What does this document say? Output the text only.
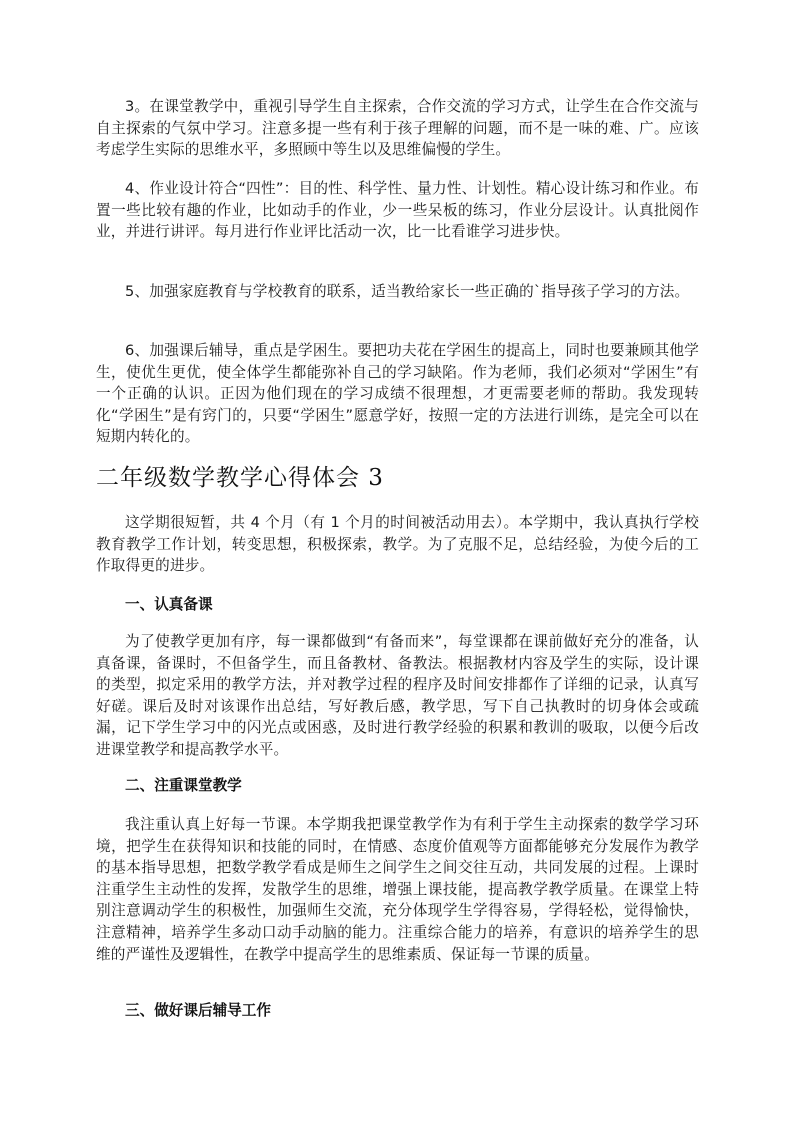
3。在课堂教学中，重视引导学生自主探索，合作交流的学习方式，让学生在合作交流与自主探索的气氛中学习。注意多提一些有利于孩子理解的问题，而不是一味的难、广。应该考虑学生实际的思维水平，多照顾中等生以及思维偏慢的学生。

4、作业设计符合“四性”：目的性、科学性、量力性、计划性。精心设计练习和作业。布置一些比较有趣的作业，比如动手的作业，少一些呆板的练习，作业分层设计。认真批阅作业，并进行讲评。每月进行作业评比活动一次，比一比看谁学习进步快。

5、加强家庭教育与学校教育的联系，适当教给家长一些正确的`指导孩子学习的方法。

6、加强课后辅导，重点是学困生。要把功夫花在学困生的提高上，同时也要兼顾其他学生，使优生更优，使全体学生都能弥补自己的学习缺陷。作为老师，我们必须对“学困生”有一个正确的认识。正因为他们现在的学习成绩不很理想，才更需要老师的帮助。我发现转化“学困生”是有窍门的，只要“学困生”愿意学好，按照一定的方法进行训练，是完全可以在短期内转化的。

二年级数学教学心得体会 3

这学期很短暂，共 4 个月（有 1 个月的时间被活动用去）。本学期中，我认真执行学校教育教学工作计划，转变思想，积极探索，教学。为了克服不足，总结经验，为使今后的工作取得更的进步。

一、认真备课

为了使教学更加有序，每一课都做到“有备而来”，每堂课都在课前做好充分的准备，认真备课，备课时，不但备学生，而且备教材、备教法。根据教材内容及学生的实际，设计课的类型，拟定采用的教学方法，并对教学过程的程序及时间安排都作了详细的记录，认真写好磋。课后及时对该课作出总结，写好教后感，教学思，写下自己执教时的切身体会或疏漏，记下学生学习中的闪光点或困惑，及时进行教学经验的积累和教训的吸取，以便今后改进课堂教学和提高教学水平。

二、注重课堂教学

我注重认真上好每一节课。本学期我把课堂教学作为有利于学生主动探索的数学学习环境，把学生在获得知识和技能的同时，在情感、态度价值观等方面都能够充分发展作为教学的基本指导思想，把数学教学看成是师生之间学生之间交往互动，共同发展的过程。上课时注重学生主动性的发挥，发散学生的思维，增强上课技能，提高教学教学质量。在课堂上特别注意调动学生的积极性，加强师生交流，充分体现学生学得容易，学得轻松，觉得愉快，注意精神，培养学生多动口动手动脑的能力。注重综合能力的培养，有意识的培养学生的思维的严谨性及逻辑性，在教学中提高学生的思维素质、保证每一节课的质量。

三、做好课后辅导工作
